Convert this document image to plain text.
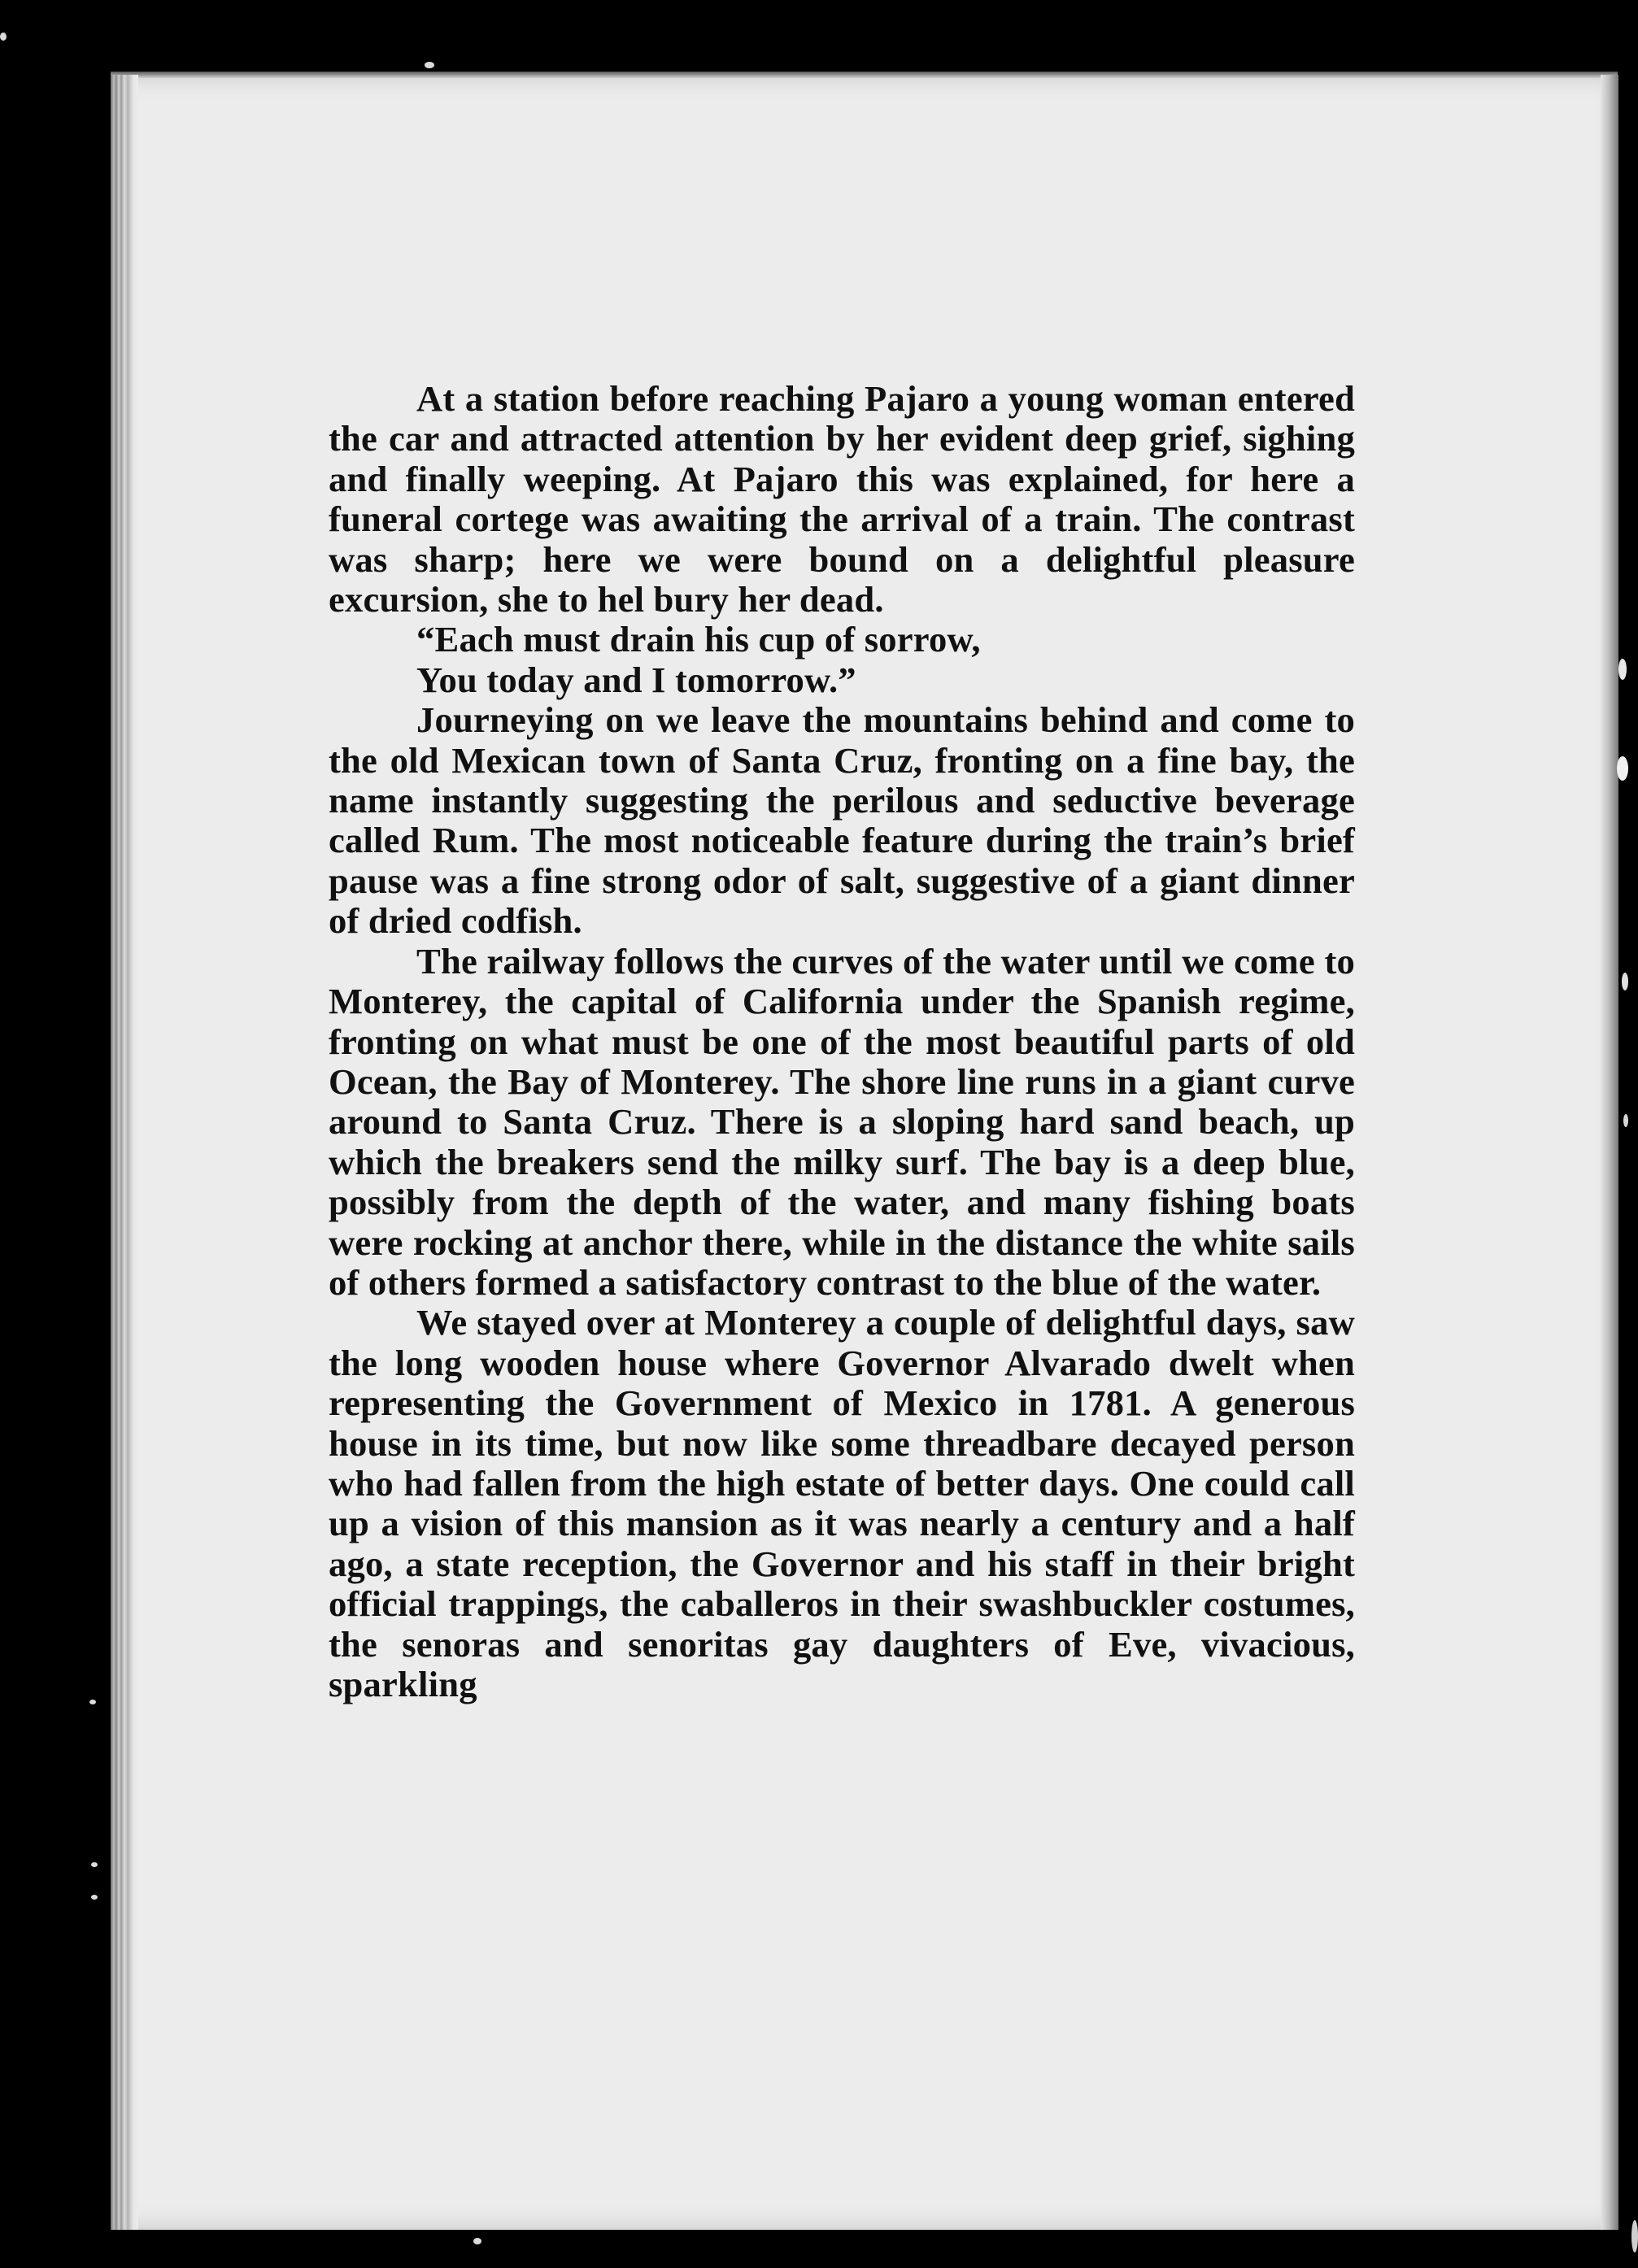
At a station before reaching Pajaro a young woman entered the car and attracted attention by her evident deep grief, sighing and finally weeping. At Pajaro this was explained, for here a funeral cortege was awaiting the arrival of a train. The contrast was sharp; here we were bound on a delightful pleasure excursion, she to hel bury her dead.

“Each must drain his cup of sorrow,
You today and I tomorrow.”

Journeying on we leave the mountains behind and come to the old Mexican town of Santa Cruz, fronting on a fine bay, the name instantly suggesting the perilous and seductive beverage called Rum. The most noticeable feature during the train’s brief pause was a fine strong odor of salt, suggestive of a giant dinner of dried codfish.

The railway follows the curves of the water until we come to Monterey, the capital of California under the Spanish regime, fronting on what must be one of the most beautiful parts of old Ocean, the Bay of Monterey. The shore line runs in a giant curve around to Santa Cruz. There is a sloping hard sand beach, up which the breakers send the milky surf. The bay is a deep blue, possibly from the depth of the water, and many fishing boats were rocking at anchor there, while in the distance the white sails of others formed a satisfactory contrast to the blue of the water.

We stayed over at Monterey a couple of delightful days, saw the long wooden house where Governor Alvarado dwelt when representing the Government of Mexico in 1781. A generous house in its time, but now like some threadbare decayed person who had fallen from the high estate of better days. One could call up a vision of this mansion as it was nearly a century and a half ago, a state reception, the Governor and his staff in their bright official trappings, the caballeros in their swashbuckler costumes, the senoras and senoritas gay daughters of Eve, vivacious, sparkling
